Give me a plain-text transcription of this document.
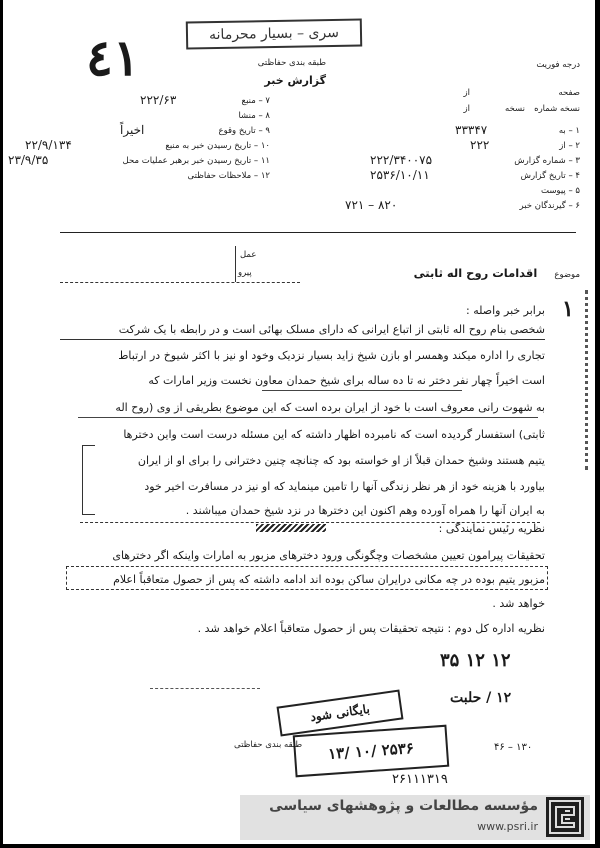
سری – بسیار محرمانه
طبقه بندی حفاظتی
گزارش خبر
درجه فوریت
٤١
صفحه
از
نسخه شماره
از	نسخه
۷ – منبع
۲۲۲/۶۳
۸ – منشا
۹ – تاریخ وقوع
اخیراً
۱۰ – تاریخ رسیدن خبر به منبع
۲۲/۹/۱۳۴
۱۱ – تاریخ رسیدن خبر برهبر عملیات محل
۲۳/۹/۳۵
۱۲ – ملاحظات حفاظتی
۱ – به
۳۳۳۴۷
۲ – از
۲۲۲
۳ – شماره گزارش
۲۲۲/۳۴۰۰۷۵
۴ – تاریخ گزارش
۲۵۳۶/۱۰/۱۱
۵ – پیوست
۶ – گیرندگان خبر
۷۲۱ – ۸۲۰
موضوع اقدامات روح اله ثابتی
عمل
پیرو
۱
برابر خبر واصله :
شخصی بنام روح اله ثابتی از اتباع ایرانی که دارای مسلک بهائی است و در رابطه با یک شرکت
تجاری را اداره میکند وهمسر او بازن شیخ زاید بسیار نزدیک وخود او نیز با اکثر شیوخ در ارتباط
است اخیراً چهار نفر دختر نه تا ده ساله برای شیخ حمدان معاون نخست وزیر امارات که
به شهوت رانی معروف است با خود از ایران برده است که این موضوع بطریقی از وی (روح اله
ثابتی) استفسار گردیده است که نامبرده اظهار داشته که این مسئله درست است واین دخترها
یتیم هستند وشیخ حمدان قبلاً از او خواسته بود که چنانچه چنین دخترانی را برای او از ایران
بیاورد با هزینه خود از هر نظر زندگی آنها را تامین مینماید که او نیز در مسافرت اخیر خود
به ایران آنها را همراه آورده وهم اکنون این دخترها در نزد شیخ حمدان میباشند .
نظریه رئیس نمایندگی :
تحقیقات پیرامون تعیین مشخصات وچگونگی ورود دخترهای مزبور به امارات واینکه اگر دخترهای
مزبور یتیم بوده در چه مکانی درایران ساکن بوده اند ادامه داشته که پس از حصول متعاقباً اعلام
خواهد شد .
نظریه اداره کل دوم : نتیجه تحقیقات پس از حصول متعاقباً اعلام خواهد شد .
۱۲ ۱۲ ۳۵
۱۲ / حلبت
بایگانی شود
۱۳/ ۱۰/ ۲۵۳۶	۴۶ – ۱۳۰
۲۶۱۱۱۳۱۹
طبقه بندی حفاظتی
مؤسسه مطالعات و پژوهشهای سیاسی
www.psri.ir
